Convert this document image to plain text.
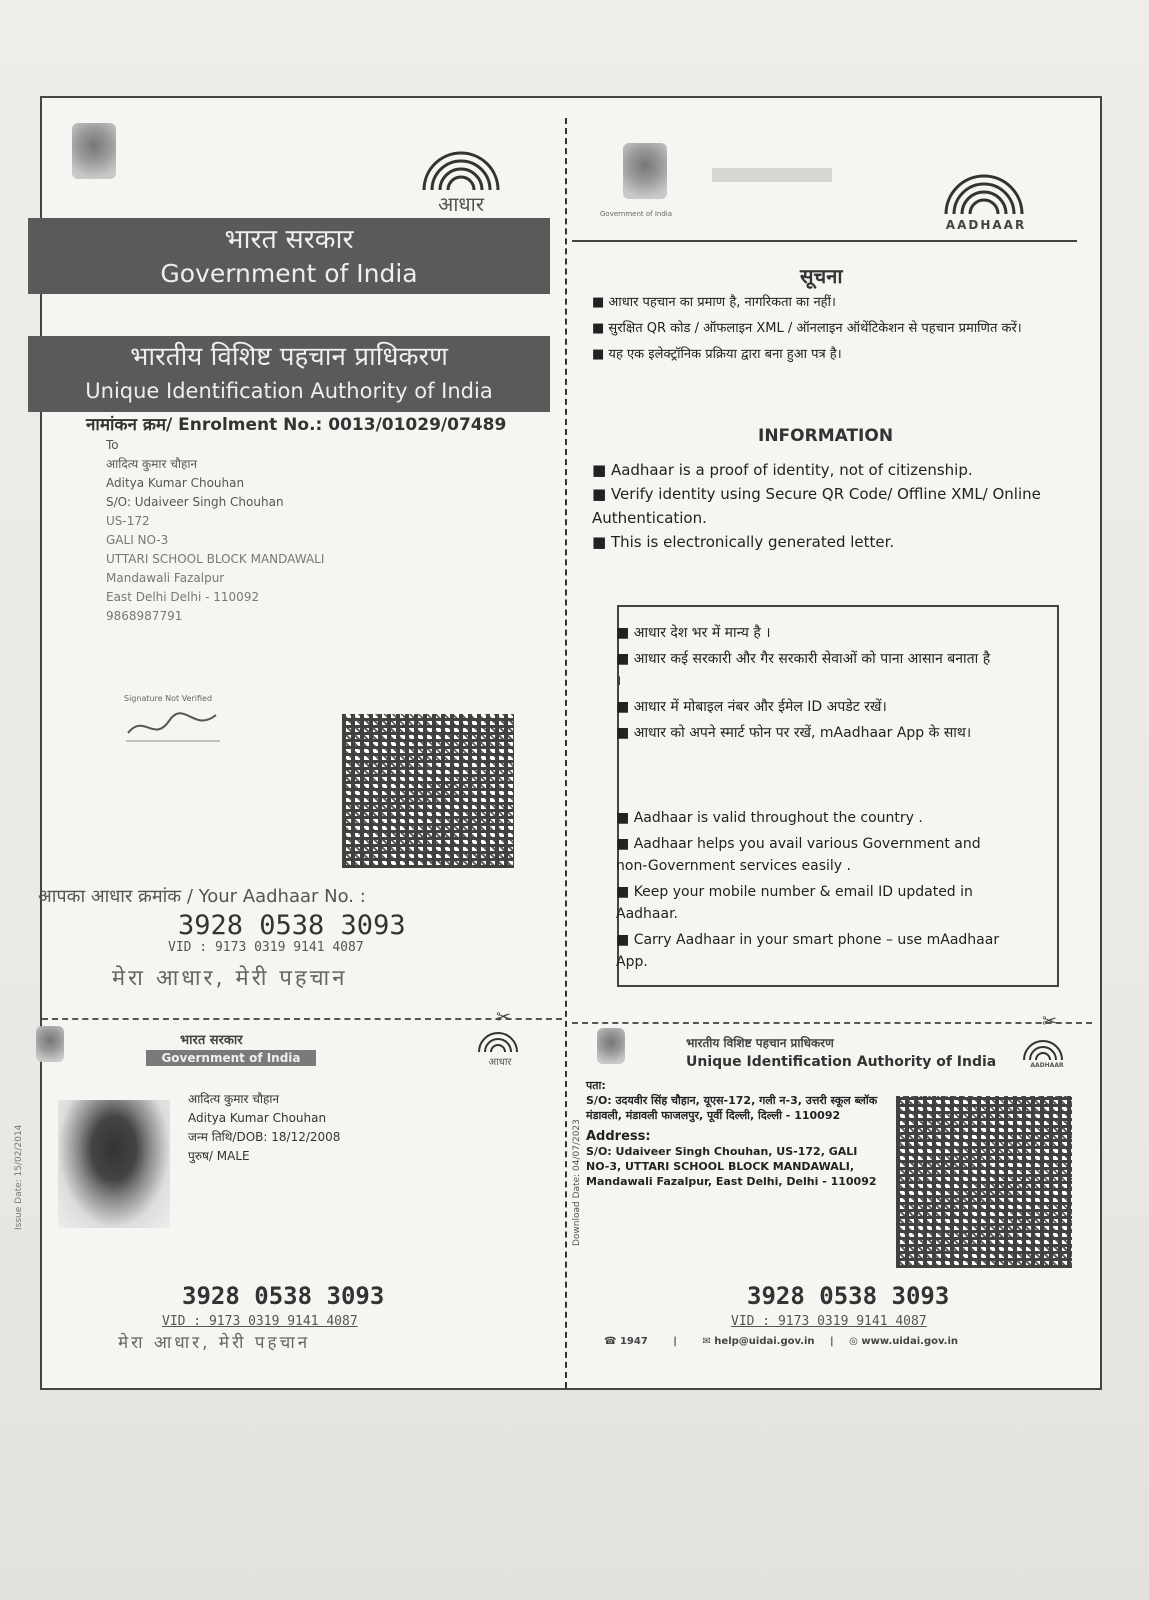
आधार
भारत सरकार
Government of India
भारतीय विशिष्ट पहचान प्राधिकरण
Unique Identification Authority of India
नामांकन क्रम/ Enrolment No.: 0013/01029/07489
To
आदित्य कुमार चौहान
Aditya Kumar Chouhan
S/O: Udaiveer Singh Chouhan
US-172
GALI NO-3
UTTARI SCHOOL BLOCK MANDAWALI
Mandawali Fazalpur
East Delhi Delhi - 110092
9868987791
Signature Not Verified
आपका आधार क्रमांक / Your Aadhaar No. :
3928 0538 3093
VID : 9173 0319 9141 4087
मेरा आधार, मेरी पहचान
✂
Government of India
AADHAAR
सूचना
■ आधार पहचान का प्रमाण है, नागरिकता का नहीं।
■ सुरक्षित QR कोड / ऑफलाइन XML / ऑनलाइन ऑथेंटिकेशन से पहचान प्रमाणित करें।
■ यह एक इलेक्ट्रॉनिक प्रक्रिया द्वारा बना हुआ पत्र है।
INFORMATION
■ Aadhaar is a proof of identity, not of citizenship.
■ Verify identity using Secure QR Code/ Offline XML/ Online Authentication.
■ This is electronically generated letter.
■ आधार देश भर में मान्य है ।
■ आधार कई सरकारी और गैर सरकारी सेवाओं को पाना आसान बनाता है ।
■ आधार में मोबाइल नंबर और ईमेल ID अपडेट रखें।
■ आधार को अपने स्मार्ट फोन पर रखें, mAadhaar App के साथ।
■ Aadhaar is valid throughout the country .
■ Aadhaar helps you avail various Government and non-Government services easily .
■ Keep your mobile number & email ID updated in Aadhaar.
■ Carry Aadhaar in your smart phone – use mAadhaar App.
✂
भारत सरकार
Government of India	आधार
Issue Date: 15/02/2014
आदित्य कुमार चौहान
Aditya Kumar Chouhan
जन्म तिथि/DOB: 18/12/2008
पुरुष/ MALE
3928 0538 3093
VID : 9173 0319 9141 4087
मेरा आधार, मेरी पहचान
भारतीय विशिष्ट पहचान प्राधिकरण
Unique Identification Authority of India	AADHAAR
Download Date: 04/07/2023
पता:
S/O: उदयवीर सिंह चौहान, यूएस-172, गली न-3, उत्तरी स्कूल ब्लॉक मंडावली, मंडावली फाजलपुर, पूर्वी दिल्ली, दिल्ली - 110092
Address:
S/O: Udaiveer Singh Chouhan, US-172, GALI NO-3, UTTARI SCHOOL BLOCK MANDAWALI, Mandawali Fazalpur, East Delhi, Delhi - 110092
3928 0538 3093
VID : 9173 0319 9141 4087
☎ 1947	|	✉ help@uidai.gov.in | ◎ www.uidai.gov.in
